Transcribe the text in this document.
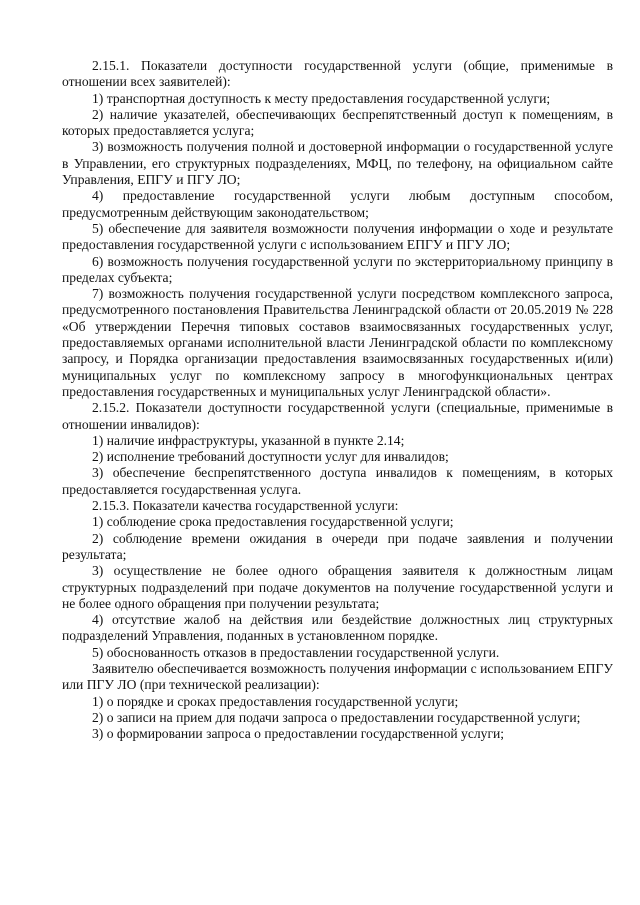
2.15.1. Показатели доступности государственной услуги (общие, применимые в отношении всех заявителей):

1) транспортная доступность к месту предоставления государственной услуги;

2) наличие указателей, обеспечивающих беспрепятственный доступ к помещениям, в которых предоставляется услуга;

3) возможность получения полной и достоверной информации о государственной услуге в Управлении, его структурных подразделениях, МФЦ, по телефону, на официальном сайте Управления, ЕПГУ и ПГУ ЛО;

4) предоставление государственной услуги любым доступным способом, предусмотренным действующим законодательством;

5) обеспечение для заявителя возможности получения информации о ходе и результате предоставления государственной услуги с использованием ЕПГУ и ПГУ ЛО;

6) возможность получения государственной услуги по экстерриториальному принципу в пределах субъекта;

7) возможность получения государственной услуги посредством комплексного запроса, предусмотренного постановления Правительства Ленинградской области от 20.05.2019 № 228 «Об утверждении Перечня типовых составов взаимосвязанных государственных услуг, предоставляемых органами исполнительной власти Ленинградской области по комплексному запросу, и Порядка организации предоставления взаимосвязанных государственных и(или) муниципальных услуг по комплексному запросу в многофункциональных центрах предоставления государственных и муниципальных услуг Ленинградской области».

2.15.2. Показатели доступности государственной услуги (специальные, применимые в отношении инвалидов):

1) наличие инфраструктуры, указанной в пункте 2.14;

2) исполнение требований доступности услуг для инвалидов;

3) обеспечение беспрепятственного доступа инвалидов к помещениям, в которых предоставляется государственная услуга.

2.15.3. Показатели качества государственной услуги:

1) соблюдение срока предоставления государственной услуги;

2) соблюдение времени ожидания в очереди при подаче заявления и получении результата;

3) осуществление не более одного обращения заявителя к должностным лицам структурных подразделений при подаче документов на получение государственной услуги и не более одного обращения при получении результата;

4) отсутствие жалоб на действия или бездействие должностных лиц структурных подразделений Управления, поданных в установленном порядке.

5) обоснованность отказов в предоставлении государственной услуги.

Заявителю обеспечивается возможность получения информации с использованием ЕПГУ или ПГУ ЛО (при технической реализации):

1) о порядке и сроках предоставления государственной услуги;

2) о записи на прием для подачи запроса о предоставлении государственной услуги;

3) о формировании запроса о предоставлении государственной услуги;
